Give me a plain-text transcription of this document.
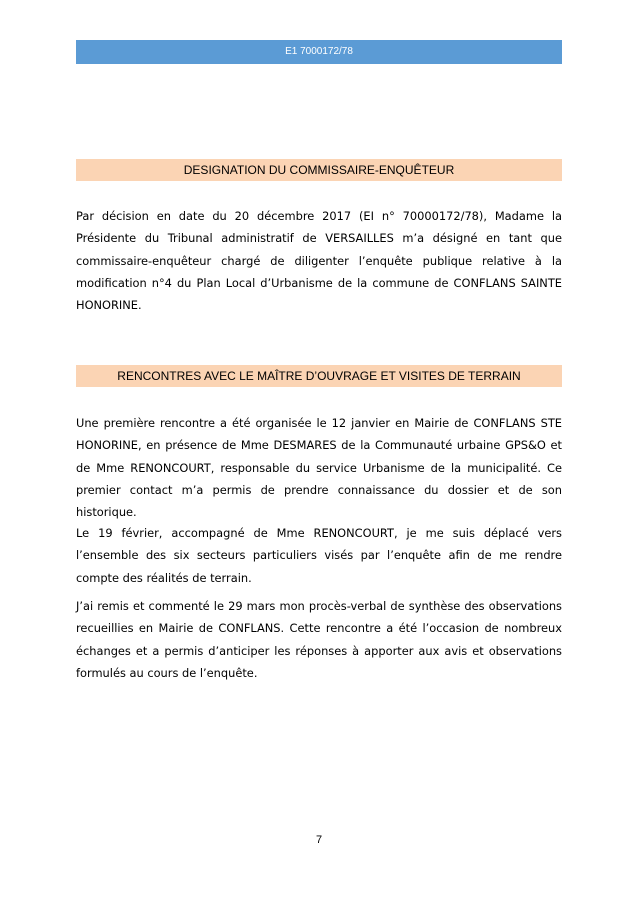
E1 7000172/78
DESIGNATION DU COMMISSAIRE-ENQUÊTEUR

Par décision en date du 20 décembre 2017 (EI n° 70000172/78), Madame la Présidente du Tribunal administratif de VERSAILLES m’a désigné en tant que commissaire-enquêteur chargé de diligenter l’enquête publique relative à la modification n°4 du Plan Local d’Urbanisme de la commune de CONFLANS SAINTE HONORINE.

RENCONTRES AVEC LE MAÎTRE D’OUVRAGE ET VISITES DE TERRAIN

Une première rencontre a été organisée le 12 janvier en Mairie de CONFLANS STE HONORINE, en présence de Mme DESMARES de la Communauté urbaine GPS&O et de Mme RENONCOURT, responsable du service Urbanisme de la municipalité. Ce premier contact m’a permis de prendre connaissance du dossier et de son historique.

Le 19 février, accompagné de Mme RENONCOURT, je me suis déplacé vers l’ensemble des six secteurs particuliers visés par l’enquête afin de me rendre compte des réalités de terrain.

J’ai remis et commenté le 29 mars mon procès-verbal de synthèse des observations recueillies en Mairie de CONFLANS. Cette rencontre a été l’occasion de nombreux échanges et a permis d’anticiper les réponses à apporter aux avis et observations formulés au cours de l’enquête.

7
